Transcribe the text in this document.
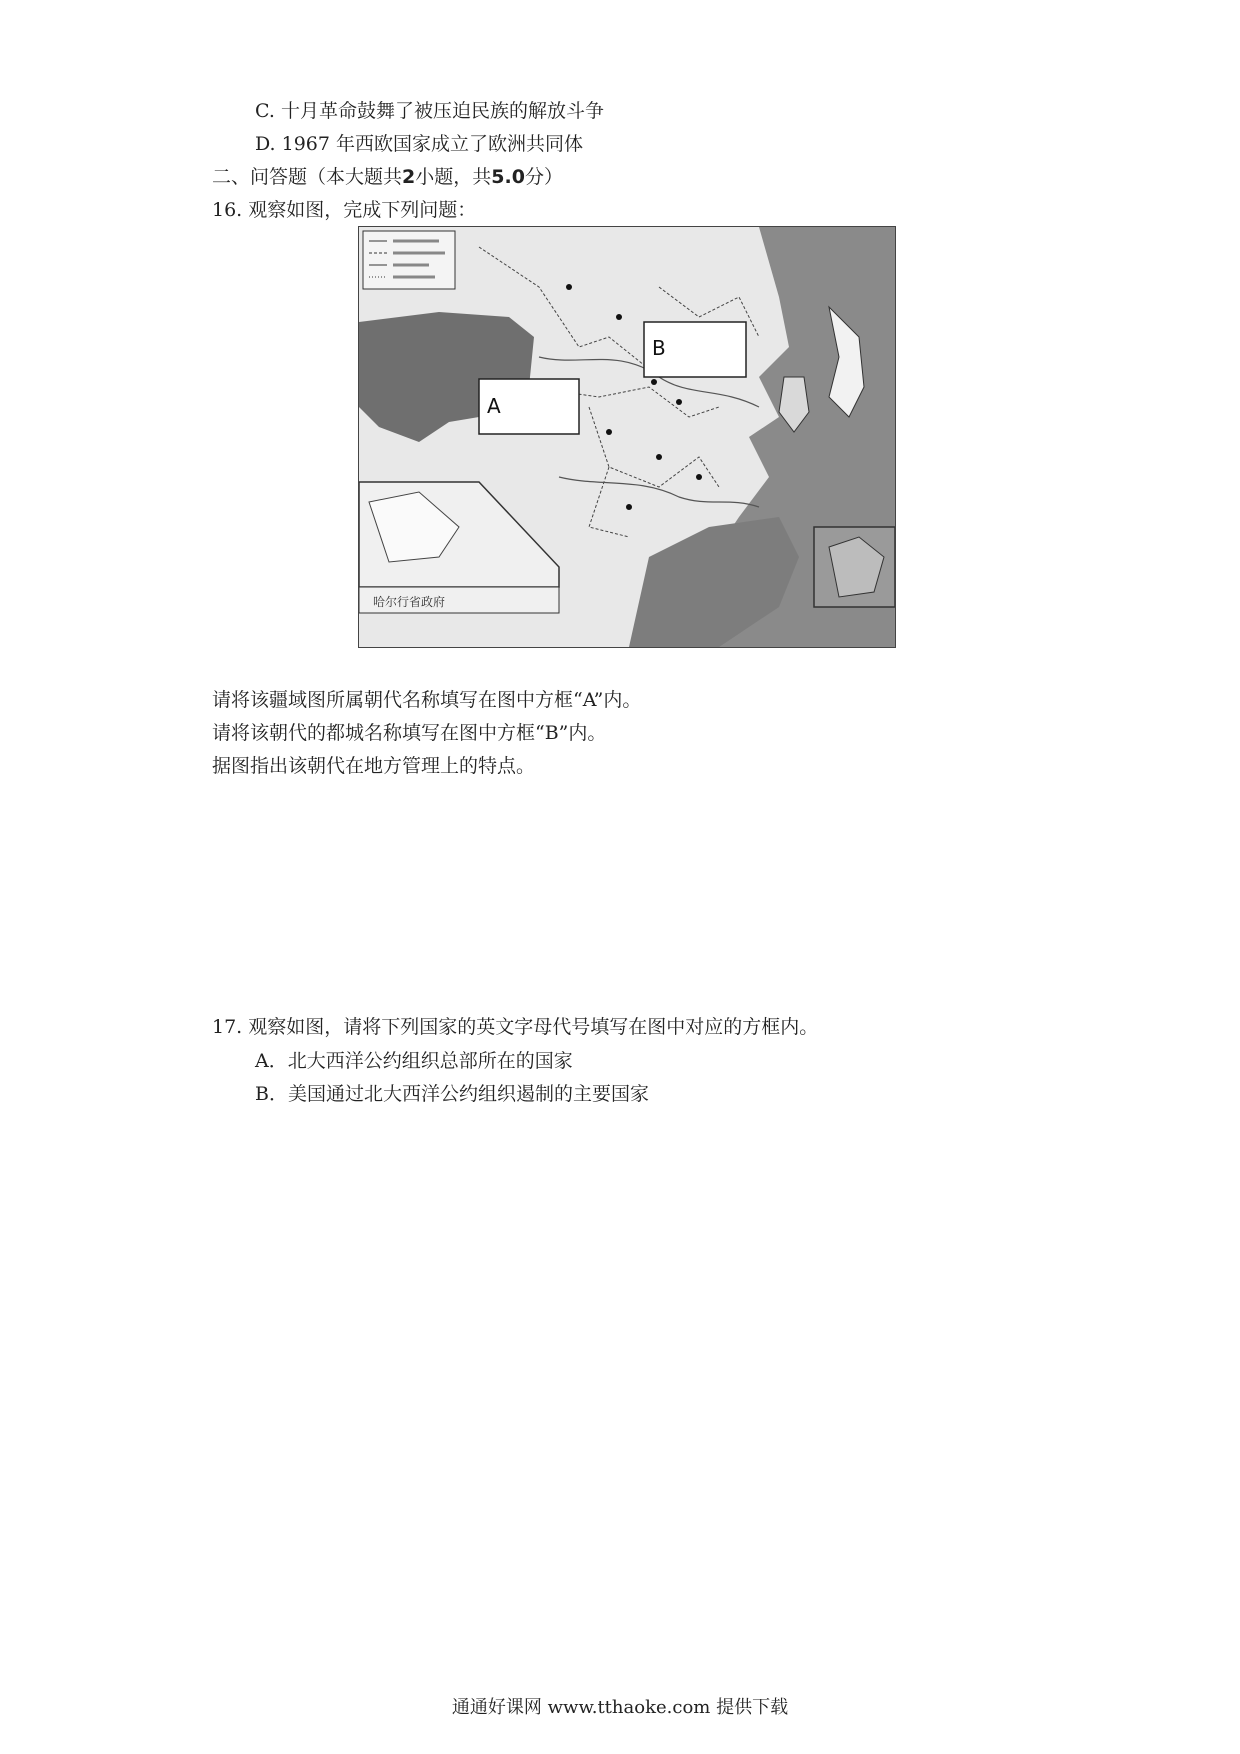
C. 十月革命鼓舞了被压迫民族的解放斗争
D. 1967 年西欧国家成立了欧洲共同体
二、问答题（本大题共2小题，共5.0分）
16. 观察如图，完成下列问题：
A
B
哈尔行省政府
请将该疆域图所属朝代名称填写在图中方框“A”内。
请将该朝代的都城名称填写在图中方框“B”内。
据图指出该朝代在地方管理上的特点。
17. 观察如图，请将下列国家的英文字母代号填写在图中对应的方框内。
A．北大西洋公约组织总部所在的国家
B．美国通过北大西洋公约组织遏制的主要国家
通通好课网 www.tthaoke.com 提供下载
